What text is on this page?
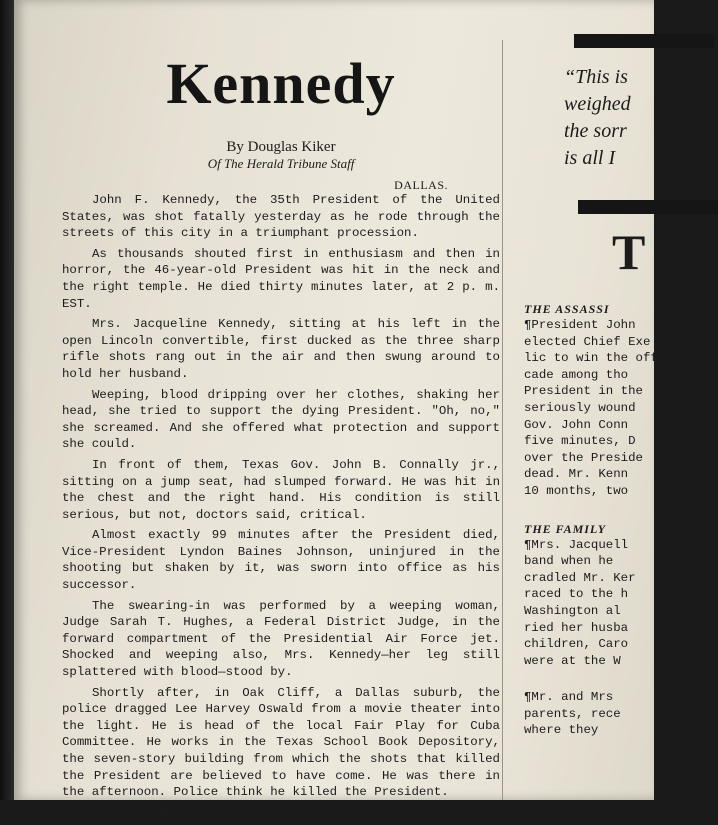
Kennedy
By Douglas Kiker
Of The Herald Tribune Staff
DALLAS.

John F. Kennedy, the 35th President of the United States, was shot fatally yesterday as he rode through the streets of this city in a triumphant procession.

As thousands shouted first in enthusiasm and then in horror, the 46-year-old President was hit in the neck and the right temple. He died thirty minutes later, at 2 p. m. EST.

Mrs. Jacqueline Kennedy, sitting at his left in the open Lincoln convertible, first ducked as the three sharp rifle shots rang out in the air and then swung around to hold her husband.

Weeping, blood dripping over her clothes, shaking her head, she tried to support the dying President. "Oh, no," she screamed. And she offered what protection and support she could.

In front of them, Texas Gov. John B. Connally jr., sitting on a jump seat, had slumped forward. He was hit in the chest and the right hand. His condition is still serious, but not, doctors said, critical.

Almost exactly 99 minutes after the President died, Vice-President Lyndon Baines Johnson, uninjured in the shooting but shaken by it, was sworn into office as his successor.

The swearing-in was performed by a weeping woman, Judge Sarah T. Hughes, a Federal District Judge, in the forward compartment of the Presidential Air Force jet. Shocked and weeping also, Mrs. Kennedy—her leg still splattered with blood—stood by.

Shortly after, in Oak Cliff, a Dallas suburb, the police dragged Lee Harvey Oswald from a movie theater into the light. He is head of the local Fair Play for Cuba Committee. He works in the Texas School Book Depository, the seven-story building from which the shots that killed the President are believed to have come. He was there in the afternoon. Police think he killed the President.

As they came in to get him, Oswald pulled a 38-

“This is
weighed
the sorr
is all I
T
THE ASSASSI
¶President John
elected Chief Exe
lic to win the off
cade among tho
President in the
seriously wound
Gov. John Conn
five minutes, D
over the Preside
dead. Mr. Kenn
10 months, two
THE FAMILY
¶Mrs. Jacquell
band when he
cradled Mr. Ker
raced to the h
Washington al
ried her husba
children, Caro
were at the W
¶Mr. and Mrs
parents, rece
where they
